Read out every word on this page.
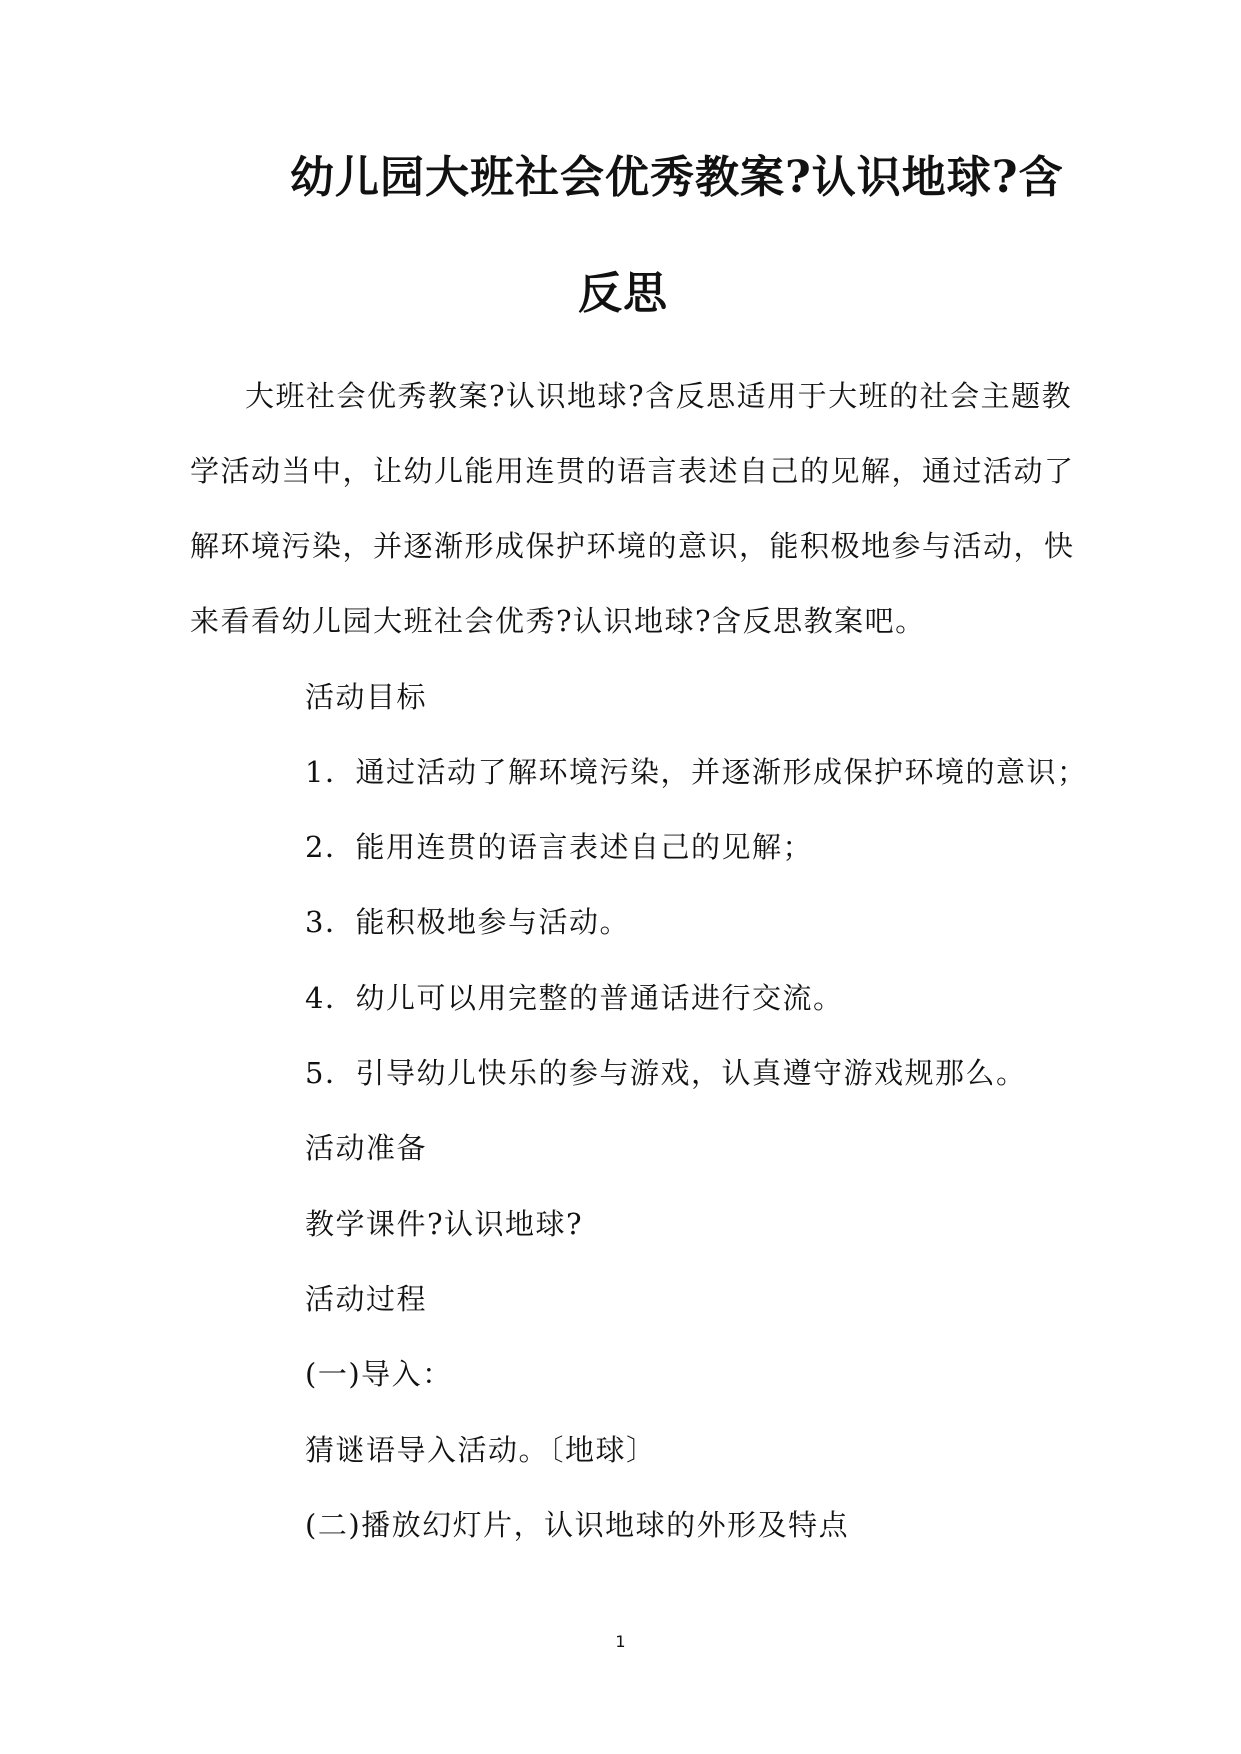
幼儿园大班社会优秀教案?认识地球?含
反思
大班社会优秀教案?认识地球?含反思适用于大班的社会主题教
学活动当中，让幼儿能用连贯的语言表述自己的见解，通过活动了
解环境污染，并逐渐形成保护环境的意识，能积极地参与活动，快
来看看幼儿园大班社会优秀?认识地球?含反思教案吧。
活动目标
1．通过活动了解环境污染，并逐渐形成保护环境的意识；
2．能用连贯的语言表述自己的见解；
3．能积极地参与活动。
4．幼儿可以用完整的普通话进行交流。
5．引导幼儿快乐的参与游戏，认真遵守游戏规那么。
活动准备
教学课件?认识地球?
活动过程
(一)导入：
猜谜语导入活动。〔地球〕
(二)播放幻灯片，认识地球的外形及特点
1
